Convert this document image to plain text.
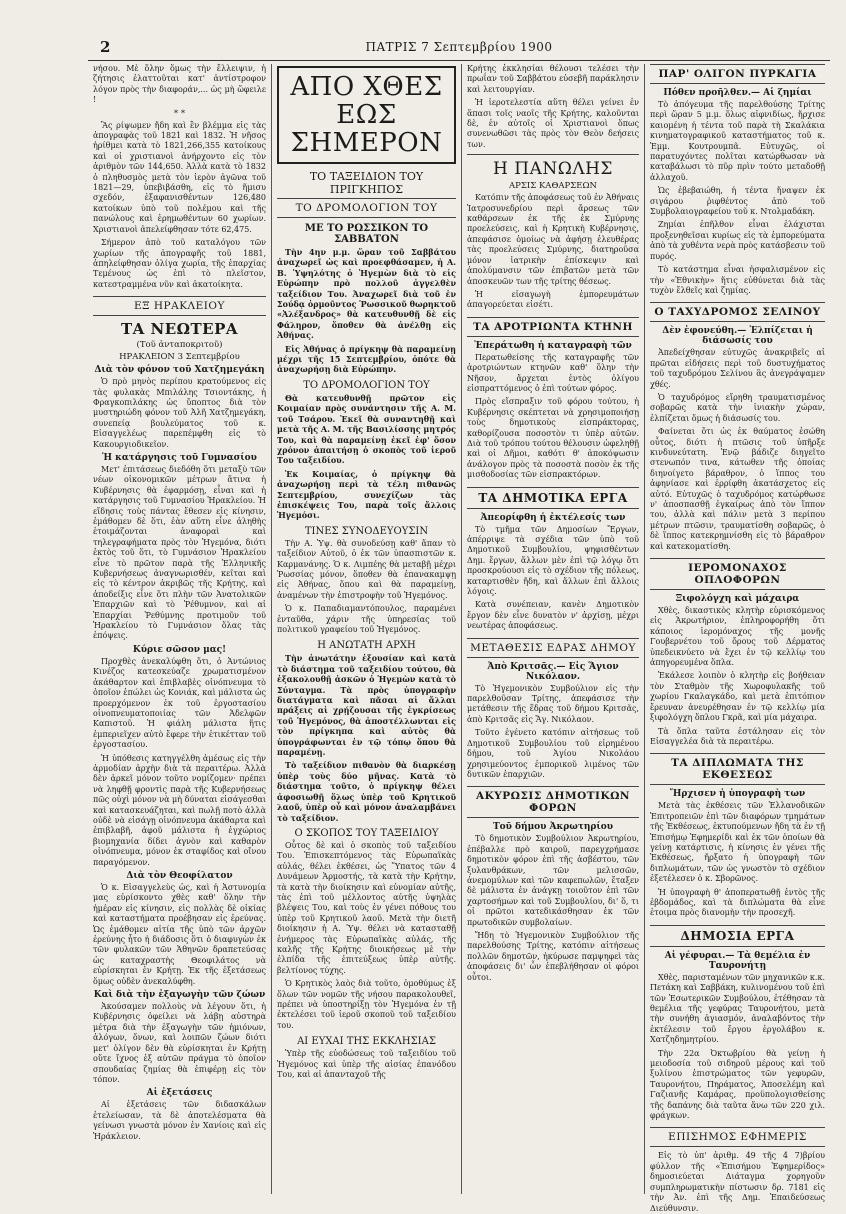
2	ΠΑΤΡΙΣ 7 Σεπτεμβρίου 1900

νήσου. Μὲ ὅλην ὅμως τὴν ἔλλειψιν, ἡ ζήτησις ἐλαττοῦται κατ' ἀντίστροφον λόγον πρὸς τὴν διαφοράν,... ὡς μὴ ὤφειλε !

* *

Ἂς ρίψωμεν ἤδη καὶ ἓν βλέμμα εἰς τὰς ἀπογραφὰς τοῦ 1821 καὶ 1832. Ἡ νῆσος ἠρίθμει κατὰ τὸ 1821,266,355 κατοίκους καὶ οἱ χριστιανοὶ ἀνήρχοντο εἰς τὸν ἀριθμὸν τῶν 144,650. Ἀλλὰ κατὰ τὸ 1832 ὁ πληθυσμὸς μετὰ τὸν ἱερὸν ἀγῶνα τοῦ 1821—29, ὑπεβιβάσθη, εἰς τὸ ἥμισυ σχεδόν, ἐξαφανισθέντων 126,480 κατοίκων ὑπὸ τοῦ πολέμου καὶ τῆς πανώλους καὶ ἐρημωθέντων 60 χωρίων. Χριστιανοὶ ἀπελείφθησαν τότε 62,475.

Σήμερον ἀπὸ τοῦ καταλόγου τῶν χωρίων τῆς ἀπογραφῆς τοῦ 1881, ἀπηλείφθησαν ὀλίγα χωρία, τῆς ἐπαρχίας Τεμένους ὡς ἐπὶ τὸ πλεῖστον, κατεστραμμένα νῦν καὶ ἀκατοίκητα.

ΕΞ ΗΡΑΚΛΕΙΟΥ
ΤΑ ΝΕΩΤΕΡΑ
(Τοῦ ἀνταποκριτοῦ)
ΗΡΑΚΛΕΙΟΝ 3 Σεπτεμβρίου
Διὰ τὸν φόνον τοῦ Χατζημεγάκη

Ὁ πρὸ μηνὸς περίπου κρατούμενος εἰς τὰς φυλακὰς Μπιλάλης Τσιοντάκης, ἡ Φραγκοπιλάκης ὡς ὕποπτος διὰ τὸν μυστηριώδη φόνον τοῦ Ἀλῆ Χατζημεγάκη, συνεπείᾳ βουλεύματος τοῦ κ. Εἰσαγγελέως παρεπέμφθη εἰς τὸ Κακουργιοδικεῖον.

Ἡ κατάργησις τοῦ Γυμνασίου

Μετ' ἐπιτάσεως διεδόθη ὅτι μεταξὺ τῶν νέων οἰκονομικῶν μέτρων ἅτινα ἡ Κυβέρνησις θὰ ἐφαρμόσῃ, εἶναι καὶ ἡ κατάργησις τοῦ Γυμνασίου Ἡρακλείου. Ἡ εἴδησις τοὺς πάντας ἔθεσεν εἰς κίνησιν, ἐμάθομεν δὲ ὅτι, ἐὰν αὕτη εἶνε ἀληθὴς ἑτοιμάζονται ἀναφοραὶ καὶ τηλεγραφήματα πρὸς τὸν Ἡγεμόνα, διότι ἐκτὸς τοῦ ὅτι, τὸ Γυμνάσιον Ἡρακλείου εἶνε τὸ πρῶτον παρὰ τῆς Ἑλληνικῆς Κυβερνήσεως ἀναγνωρισθέν, κεῖται καὶ εἰς τὸ κέντρον ἀκριβῶς τῆς Κρήτης, καὶ ἀποδείξις εἶνε ὅτι πλὴν τῶν Ἀνατολικῶν Ἐπαρχιῶν καὶ τὸ Ῥέθυμνον, καὶ αἱ Ἐπαρχίαι Ῥεθύμνης προτιμοῦν τοῦ Ἡρακλείου τὸ Γυμνάσιον ὅλας τὰς ἐπόψεις.

Κύριε σῶσον μας!

Προχθὲς ἀνεκαλύφθη ὅτι, ὁ Ἀντώνιος Κινέζος κατεσκεύαζε χρωματισμένον ἀκάθαρτον καὶ ἐπιβλαβὲς οἰνόπνευμα τὸ ὁποῖον ἐπώλει ὡς Κονιάκ, καὶ μάλιστα ὡς προερχόμενον ἐκ τοῦ ἐργοστασίου οἰνοπνευματοποιίας τῶν Ἀδελφῶν Καπιστοῦ. Ἡ φιάλη μάλιστα ἥτις ἐμπεριεῖχεν αὐτὸ ἔφερε τὴν ἐτικέτταν τοῦ ἐργοστασίου.

Ἡ ὑπόθεσις κατηγγέλθη ἀμέσως εἰς τὴν ἁρμοδίαν ἀρχὴν διὰ τὰ περαιτέρω. Ἀλλὰ δὲν ἀρκεῖ μόνον τοῦτο νομίζομεν· πρέπει νὰ ληφθῇ φροντὶς παρὰ τῆς Κυβερνήσεως πῶς οὐχὶ μόνον νὰ μὴ δύναται εἰσάγεσθαι καὶ κατασκευάζηται, καὶ πωλῇ ποτὸ ἀλλὰ οὐδὲ νὰ εἰσάγῃ οἰνόπνευμα ἀκάθαρτα καὶ ἐπιβλαβῆ, ἀφοῦ μάλιστα ἡ ἐγχώριος βιομηχανία δίδει ἀγνὸν καὶ καθαρὸν οἰνόπνευμα, μόνον ἐκ σταφίδος καὶ οἴνου παραγόμενον.

Διὰ τὸν Θεοφίλατον

Ὁ κ. Εἰσαγγελεὺς ὡς, καὶ ἡ Ἀστυνομία μας εὑρίσκοντο χθὲς καθ' ὅλην τὴν ἡμέραν εἰς κίνησιν, εἰς πολλὰς δὲ οἰκίας καὶ καταστήματα προέβησαν εἰς ἐρεύνας. Ὡς ἐμάθομεν αἰτία τῆς ὑπὸ τῶν ἀρχῶν ἐρεύνης ἦτο ἡ διάδοσις ὅτι ὁ διαφυγὼν ἐκ τῶν φυλακῶν τῶν Ἀθηνῶν δραπετεύσας ὡς καταχραστὴς Θεοφιλάτος νὰ εὑρίσκηται ἐν Κρήτῃ. Ἐκ τῆς ἐξετάσεως ὅμως οὐδὲν ἀνεκαλύφθη.

Καὶ διὰ τὴν ἐξαγωγὴν τῶν ζώων

Ἀκούσαμεν πολλοὺς νὰ λέγουν ὅτι, ἡ Κυβέρνησις ὀφείλει νὰ λάβῃ αὐστηρὰ μέτρα διὰ τὴν ἐξαγωγὴν τῶν ἡμιόνων, ἀλόγων, ὄνων, καὶ λοιπῶν ζώων διότι μετ' ὀλίγον δὲν θὰ εὑρίσκηται ἐν Κρήτῃ οὔτε ἴχνος ἐξ αὐτῶν πράγμα τὸ ὁποῖον σπουδαίας ζημίας θὰ ἐπιφέρῃ εἰς τὸν τόπον.

Αἱ ἐξετάσεις

Αἱ ἐξετάσεις τῶν διδασκάλων ἐτελείωσαν, τὰ δὲ ἀποτελέσματα θὰ γείνωσι γνωστὰ μόνον ἐν Χανίοις καὶ εἰς Ἡράκλειον.

ΑΠΟ ΧΘΕΣ ΕΩΣ ΣΗΜΕΡΟΝ
ΤΟ ΤΑΞΕΙΔΙΟΝ ΤΟΥ ΠΡΙΓΚΗΠΟΣ
ΤΟ ΔΡΟΜΟΛΟΓΙΟΝ ΤΟΥ
ΜΕ ΤΟ ΡΩΣΣΙΚΟΝ ΤΟ ΣΑΒΒΑΤΟΝ

Τὴν 4ην μ.μ. ὥραν τοῦ Σαββάτου ἀναχωρεῖ ὡς καὶ προεφθάσαμεν, ἡ Α. Β. Ὑψηλότης ὁ Ἡγεμὼν διὰ τὸ εἰς Εὐρώπην πρὸ πολλοῦ ἀγγελθὲν ταξείδιον Του. Ἀναχωρεῖ διὰ τοῦ ἐν Σούδᾳ ὁρμοῦντος Ῥωσσικοῦ θωρηκτοῦ «Ἀλέξανδρος» θὰ κατευθυνθῇ δὲ εἰς Φάληρον, ὅποθεν θὰ ἀνέλθῃ εἰς Ἀθήνας.

Εἰς Ἀθήνας ὁ πρίγκηψ θὰ παραμείνῃ μέχρι τῆς 15 Σεπτεμβρίου, ὁπότε θὰ ἀναχωρήσῃ διὰ Εὐρώπην.

ΤΟ ΔΡΟΜΟΛΟΓΙΟΝ ΤΟΥ

Θὰ κατευθυνθῇ πρῶτον εἰς Κοιμαίαν πρὸς συνάντησιν τῆς Α. Μ. τοῦ Τσάρου. Ἐκεῖ θὰ συναντηθῇ καὶ μετὰ τῆς Α. Μ. τῆς Βασιλίσσης μητρός Του, καὶ θὰ παραμείνῃ ἐκεῖ ἐφ' ὅσον χρόνον ἀπαιτήσῃ ὁ σκοπὸς τοῦ ἱεροῦ Του ταξειδίου.

Ἐκ Κοιμαίας, ὁ πρίγκηψ θὰ ἀναχωρήσῃ περὶ τὰ τέλη πιθανῶς Σεπτεμβρίου, συνεχίζων τὰς ἐπισκέψεις Του, παρὰ τοῖς ἄλλοις Ἡγεμόσι.

ΤΙΝΕΣ ΣΥΝΟΔΕΥΟΥΣΙΝ

Τὴν Α. Ὑψ. θὰ συνοδεύσῃ καθ' ἅπαν τὸ ταξείδιον Αὐτοῦ, ὁ ἐκ τῶν ὑπασπιστῶν κ. Καρμανάνης. Ὁ κ. Λιμπέης θὰ μεταβῇ μέχρι Ῥωσσίας μόνον, ὅποθεν θὰ ἐπανακαμψῃ εἰς Ἀθήνας, ὅπου καὶ θὰ παραμείνῃ, ἀναμένων τὴν ἐπιστροφὴν τοῦ Ἡγεμόνος.

Ὁ κ. Παπαδιαμαντόπουλος, παραμένει ἐνταῦθα, χάριν τῆς ὑπηρεσίας τοῦ πολιτικοῦ γραφείου τοῦ Ἡγεμόνος.

Η ΑΝΩΤΑΤΗ ΑΡΧΗ

Τὴν ἀνωτάτην ἐξουσίαν καὶ κατὰ τὸ διάστημα τοῦ ταξειδίου τούτου, θὰ ἐξακολουθῇ ἀσκῶν ὁ Ἡγεμὼν κατὰ τὸ Σύνταγμα. Τὰ πρὸς ὑπογραφὴν διατάγματα καὶ πᾶσαι αἱ ἄλλαι πράξεις αἱ χρῄζουσαι τῆς ἐγκρίσεως τοῦ Ἡγεμόνος, θὰ ἀποστέλλωνται εἰς τὸν πρίγκηπα καὶ αὐτὸς θὰ ὑπογράφωνται ἐν τῷ τόπῳ ὅπου θὰ παραμένῃ.

Τὸ ταξείδιον πιθανὸν θὰ διαρκέσῃ ὑπὲρ τοὺς δύο μῆνας. Κατὰ τὸ διάστημα τοῦτο, ὁ πρίγκηψ θέλει ἀφοσιωθῇ ὅλως ὑπὲρ τοῦ Κρητικοῦ λαοῦ, ὑπὲρ οὗ καὶ μόνον ἀναλαμβάνει τὸ ταξείδιον.

Ο ΣΚΟΠΟΣ ΤΟΥ ΤΑΞΕΙΔΙΟΥ

Οὗτος δὲ καὶ ὁ σκοπὸς τοῦ ταξειδίου Του. Ἐπισκεπτόμενος τὰς Εὐρωπαϊκὰς αὐλάς, θέλει ἐκθέσει, ὡς Ὕπατος τῶν 4 Δυνάμεων Ἁρμοστής, τὰ κατὰ τὴν Κρήτην, τὰ κατὰ τὴν διοίκησιν καὶ εὐνομίαν αὐτῆς, τὰς ἐπὶ τοῦ μέλλοντος αὐτῆς ὑψηλὰς βλέψεις Του, καὶ τοὺς ἐν γένει πόθους του ὑπὲρ τοῦ Κρητικοῦ λαοῦ. Μετὰ τὴν διετῆ διοίκησιν ἡ Α. Ὑψ. θέλει νὰ κατασταθῇ ἐνήμερος τὰς Εὐρωπαϊκὰς αὐλάς, τῆς καλῆς τῆς Κρήτης διοικήσεως μὲ τὴν ἐλπίδα τῆς ἐπιτεύξεως ὑπὲρ αὐτῆς. βελτίονος τύχης.

Ὁ Κρητικὸς λαὸς διὰ τοῦτο, ὁμοθύμως ἐξ ὅλων τῶν νομῶν τῆς νήσου παρακολουθεῖ, πρέπει νὰ ὑποστηρίξῃ τὸν Ἡγεμόνα ἐν τῇ ἐκτελέσει τοῦ ἱεροῦ σκοποῦ τοῦ ταξειδίου του.

ΑΙ ΕΥΧΑΙ ΤΗΣ ΕΚΚΛΗΣΙΑΣ

Ὑπὲρ τῆς εὐοδώσεως τοῦ ταξειδίου τοῦ Ἡγεμόνος καὶ ὑπὲρ τῆς αἰσίας ἐπανόδου Του, καὶ αἱ ἀπανταχοῦ τῆς

Κρήτης ἐκκλησίαι θέλουσι τελέσει τὴν πρωΐαν τοῦ Σαββάτου εὐσεβῆ παράκλησιν καὶ λειτουργίαν.

Ἡ ἱεροτελεστία αὕτη θέλει γείνει ἐν ἅπασι τοῖς ναοῖς τῆς Κρήτης, καλοῦνται δὲ, ἐν αὐτοῖς οἱ Χριστιανοὶ ὅπως συνενωθῶσι τὰς πρὸς τὸν Θεὸν δεήσεις των.

Η ΠΑΝΩΛΗΣ
ΑΡΣΙΣ ΚΑΘΑΡΣΕΩΝ

Κατόπιν τῆς ἀποφάσεως τοῦ ἐν Ἀθήναις Ἰατροσυνεδρίου περὶ ἄρσεως τῶν καθάρσεων ἐκ τῆς ἐκ Σμύρνης προελεύσεις, καὶ ἡ Κρητικὴ Κυβέρνησις, ἀπεφάσισε ὁμοίως νὰ ἀφήσῃ ἐλευθέρας τὰς προελεύσεις Σμύρνης, διατηροῦσα μόνον ἰατρικὴν ἐπίσκεψιν καὶ ἀπολύμανσιν τῶν ἐπιβατῶν μετὰ τῶν ἀποσκευῶν των τῆς τρίτης θέσεως.

Ἡ εἰσαγωγὴ ἐμπορευμάτων ἀπαγορεύεται εἰσέτι.

ΤΑ ΑΡΟΤΡΙΩΝΤΑ ΚΤΗΝΗ
Ἐπεράτωθη ἡ καταγραφὴ τῶν

Περατωθείσης τῆς καταγραφῆς τῶν ἀροτριώντων κτηνῶν καθ' ὅλην τὴν Νῆσον, ἄρχεται ἐντὸς ὀλίγου εἰσπραττόμενος ὁ ἐπὶ τούτων φόρος.

Πρὸς εἴσπραξιν τοῦ φόρου τούτου, ἡ Κυβέρνησις σκέπτεται νὰ χρησιμοποιήσῃ τοὺς δημοτικοὺς εἰσπράκτορας, καθορίζουσα ποσοστὸν τι ὑπὲρ αὐτῶν. Διὰ τοῦ τρόπου τούτου θέλουσιν ὠφεληθῇ καὶ οἱ Δῆμοι, καθότι θ' ἀποκόψωσιν ἀνάλογον πρὸς τὰ ποσοστὰ ποσὸν ἐκ τῆς μισθοδοσίας τῶν εἰσπρακτόρων.

ΤΑ ΔΗΜΟΤΙΚΑ ΕΡΓΑ
Ἀπεορίφθη ἡ ἐκτέλεσίς των

Τὸ τμῆμα τῶν Δημοσίων Ἔργων, ἀπέρριψε τὰ σχέδια τῶν ὑπὸ τοῦ Δημοτικοῦ Συμβουλίου, ψηφισθέντων Δημ. ἔργων, ἄλλων μὲν ἐπὶ τῷ λόγῳ ὅτι προσκρούουσι εἰς τὸ σχέδιον τῆς πόλεως, καταρτισθὲν ἤδη, καὶ ἄλλων ἐπὶ ἄλλοις λόγοις.

Κατὰ συνέπειαν, κανὲν Δημοτικὸν ἔργον δὲν εἶνε δυνατὸν ν' ἀρχίσῃ, μέχρι νεωτέρας ἀποφάσεως.

ΜΕΤΑΘΕΣΙΣ ΕΔΡΑΣ ΔΗΜΟΥ
Ἀπὸ Κριτσᾶς.— Εἰς Ἅγιον Νικόλαον.

Τὸ Ἡγεμονικὸν Συμβούλιον εἰς τὴν παρελθοῦσαν Τρίτης, ἀπεφάσισε τὴν μετάθεσιν τῆς ἕδρας τοῦ δήμου Κριτσᾶς, ἀπὸ Κριτσᾶς εἰς Ἅγ. Νικόλαον.

Τοῦτο ἐγένετο κατόπιν αἰτήσεως τοῦ Δημοτικοῦ Συμβουλίου τοῦ εἰρημένου δήμου, τοῦ Ἁγίου Νικολάου χρησιμεύοντος ἐμπορικοῦ λιμένος τῶν δυτικῶν ἐπαρχιῶν.

ΑΚΥΡΩΣΙΣ ΔΗΜΟΤΙΚΩΝ ΦΟΡΩΝ
Τοῦ δήμου Ἀκρωτηρίου

Τὸ δημοτικὸν Συμβούλιον Ἀκρωτηρίου, ἐπέβαλλε πρὸ καιροῦ, παρεγχρήμασε δημοτικὸν φόρον ἐπὶ τῆς ἀσβέστου, τῶν ξυλανθράκων, τῶν μελισσῶν, ἀνεμομύλων καὶ τῶν καφεπωλῶν, ἔταξεν δὲ μάλιστα ἐν ἀνάγκῃ τοιοῦτον ἐπὶ τῶν χαρτοσήμων καὶ τοῦ Συμβουλίου, δι' ὅ, τι οἱ πρῶτοι κατεδικάσθησαν ἐκ τῶν πρωτοδικῶν συμβολαίων.

Ἤδη τὸ Ἡγεμονικὸν Συμβούλιον τῆς παρελθούσης Τρίτης, κατόπιν αἰτήσεως πολλῶν δημοτῶν, ἠκύρωσε παμψηφεὶ τὰς ἀποφάσεις δι' ὧν ἐπεβλήθησαν οἱ φόροι οὗτοι.

ΠΑΡ' ΟΛΙΓΟΝ ΠΥΡΚΑΓΙΑ
Πόθεν προῆλθεν.— Αἱ ζημίαι

Τὸ ἀπόγευμα τῆς παρελθούσης Τρίτης περὶ ὥραν 5 μ.μ. ὅλως αἰφνιδίως, ἤρχισε καιομένη ἡ τέντα τοῦ παρὰ τὴ Σκαλάκια κινηματογραφικοῦ καταστήματος τοῦ κ. Ἐμμ. Κουτρουμπᾶ. Εὐτυχῶς, οἱ παρατυχόντες πολῖται κατώρθωσαν νὰ καταβάλωσι τὸ πῦρ πρὶν τούτο μεταδοθῇ ἀλλαχοῦ.

Ὡς ἐβεβαιώθη, ἡ τέντα ἥναψεν ἐκ σιγάρου ῥιφθέντος ἀπὸ τοῦ Συμβολαιογραφείου τοῦ κ. Ντολμαδάκη.

Ζημίαι ἐπῆλθον εἶναι ἐλάχισται προξενηθεῖσαι κυρίως εἰς τὰ ἐμπορεύματα ἀπὸ τὰ χυθέντα νερὰ πρὸς κατάσβεσιν τοῦ πυρός.

Τὸ κατάστημα εἶναι ἠσφαλισμένον εἰς τὴν «Ἐθνικὴν» ἥτις εὐθύνεται διὰ τὰς τυχὸν ἔλθεῖς καὶ ζημίας.

Ο ΤΑΧΥΔΡΟΜΟΣ ΣΕΛΙΝΟΥ
Δὲν ἐφονεύθη.— Ἐλπίζεται ἡ διάσωσίς του

Ἀπεδείχθησαν εὐτυχῶς ἀνακριβεῖς αἱ πρῶται εἰδήσεις περὶ τοῦ δυστυχήματος τοῦ ταχυδρόμου Σελίνου ἃς ἀνεγράψαμεν χθές.

Ὁ ταχυδρόμος εἴρηθη τραυματισμένος σοβαρῶς κατὰ τὴν ἰνιακὴν χώραν, ἐλπίζεται ὅμως ἡ διάσωσίς του.

Φαίνεται ὅτι ὡς ἐκ θαύματος ἐσώθη οὗτος, διότι ἡ πτῶσις τοῦ ὑπῆρξε κινδυνεύτατη. Ἐνῷ βάδιζε διηγεῖτο στενωπόν τινα, κάτωθεν τῆς ὁποίας διηνοίγετο βάραθρον, ὁ ἵππος του ἀφηνίασε καὶ ἐρρίφθη ἀκατάσχετος εἰς αὐτό. Εὐτυχῶς ὁ ταχυδρόμος κατώρθωσε ν' ἀποσπασθῇ ἐγκαίρως ἀπὸ τὸν ἵππον του, ἀλλὰ καὶ πάλιν μετὰ 3 περίπου μέτρων πτῶσιν, τραυματίσθη σοβαρῶς, ὁ δὲ ἵππος κατεκρημνίσθη εἰς τὸ βάραθρον καὶ κατεκοματίσθη.

ΙΕΡΟΜΟΝΑΧΟΣ ΟΠΛΟΦΟΡΩΝ
Ξιφολόγχη καὶ μάχαιρα

Χθὲς, δικαστικὸς κλητὴρ εὑρισκόμενος εἰς Ἀκρωτήριον, ἐπληροφορήθη ὅτι κάποιος ἱερομόναχος τῆς μονῆς Γουβερνέτου τοῦ ὄρους τοῦ Δέρματος ὑπεδεικνύετο νὰ ἔχει ἐν τῷ κελλίῳ του ἀπηγορευμένα ὅπλα.

Ἐκάλεσε λοιπὸν ὁ κλητὴρ εἰς βοήθειαν τὸν Σταθμὸν τῆς Χωροφυλακῆς τοῦ χωρίου Γκαλαγκάδο, καὶ μετὰ ἐπιτόπιον ἔρευναν ἀνευρέθησαν ἐν τῷ κελλίῳ μία ξιφολόγχη ὅπλου Γκρᾶ, καὶ μία μάχαιρα.

Τὰ ὅπλα ταῦτα ἐστάλησαν εἰς τὸν Εἰσαγγελέα διὰ τὰ περαιτέρω.

ΤΑ ΔΙΠΛΩΜΑΤΑ ΤΗΣ ΕΚΘΕΣΕΩΣ
Ἤρχισεν ἡ ὑπογραφὴ των

Μετὰ τὰς ἐκθέσεις τῶν Ἑλλανοδικῶν Ἐπιτροπειῶν ἐπὶ τῶν διαφόρων τμημάτων τῆς Ἐκθέσεως, ἐκτυπούμενων ἤδη τὰ ἐν τῇ Ἐπισήμῳ Ἐφημερίδι καὶ ἐκ τῶν ὁποίων θὰ γείνῃ κατάρτισις, ἡ κίνησις ἐν γένει τῆς Ἐκθέσεως, ἤρξατο ἡ ὑπογραφὴ τῶν διπλωμάτων, τῶν ὡς γνωστὸν τὸ σχέδιον ἐξετέλεσεν ὁ κ. Σβορῶνος.

Ἡ ὑπογραφὴ θ' ἀποπερατωθῇ ἐντὸς τῆς ἑβδομάδος, καὶ τὰ διπλώματα θὰ εἶνε ἑτοιμα πρὸς διανομὴν τὴν προσεχῆ.

ΔΗΜΟΣΙΑ ΕΡΓΑ
Αἱ γέφυραι.— Τὰ θεμέλια ἐν Ταυρονήτῃ

Χθὲς, παρισταμένων τῶν μηχανικῶν κ.κ. Πετάκη καὶ Σαββάκη, κυλινομένου τοῦ ἐπὶ τῶν Ἐσωτερικῶν Συμβούλου, ἐτέθησαν τὰ θεμέλια τῆς γεφύρας Ταυρονήτου, μετὰ τὴν συνήθη ἁγιασμόν, ἀναλαβόντος τὴν ἐκτέλεσιν τοῦ ἔργου ἐργολάβου κ. Χατζηδημητρίου.

Τὴν 22α Ὀκτωβρίου θὰ γείνῃ ἡ μειοδοσία τοῦ σιδηροῦ μέρους καὶ τοῦ ξυλίνου ἐπιστρώματος τῶν γεφυρῶν, Ταυρονήτου, Πηράματος, Ἀποσελέμη καὶ Γαζιανῆς Καμάρας, προϋπολογισθείσης τῆς δαπάνης διὰ ταῦτα ἅνω τῶν 220 χιλ. φράγκων.

ΕΠΙΣΗΜΟΣ ΕΦΗΜΕΡΙΣ

Εἰς τὸ ὑπ' ἀριθμ. 49 τῆς 4 7)βρίου φύλλον τῆς «Ἐπισήμου Ἐφημερίδος» δημοσιεύεται Διάταγμα χορηγοῦν συμπληρωματικὴν πίστωσιν δρ. 7181 εἰς τὴν Ἀν. ἐπὶ τῆς Δημ. Ἐπαιδεύσεως Διεύθυνσιν.
